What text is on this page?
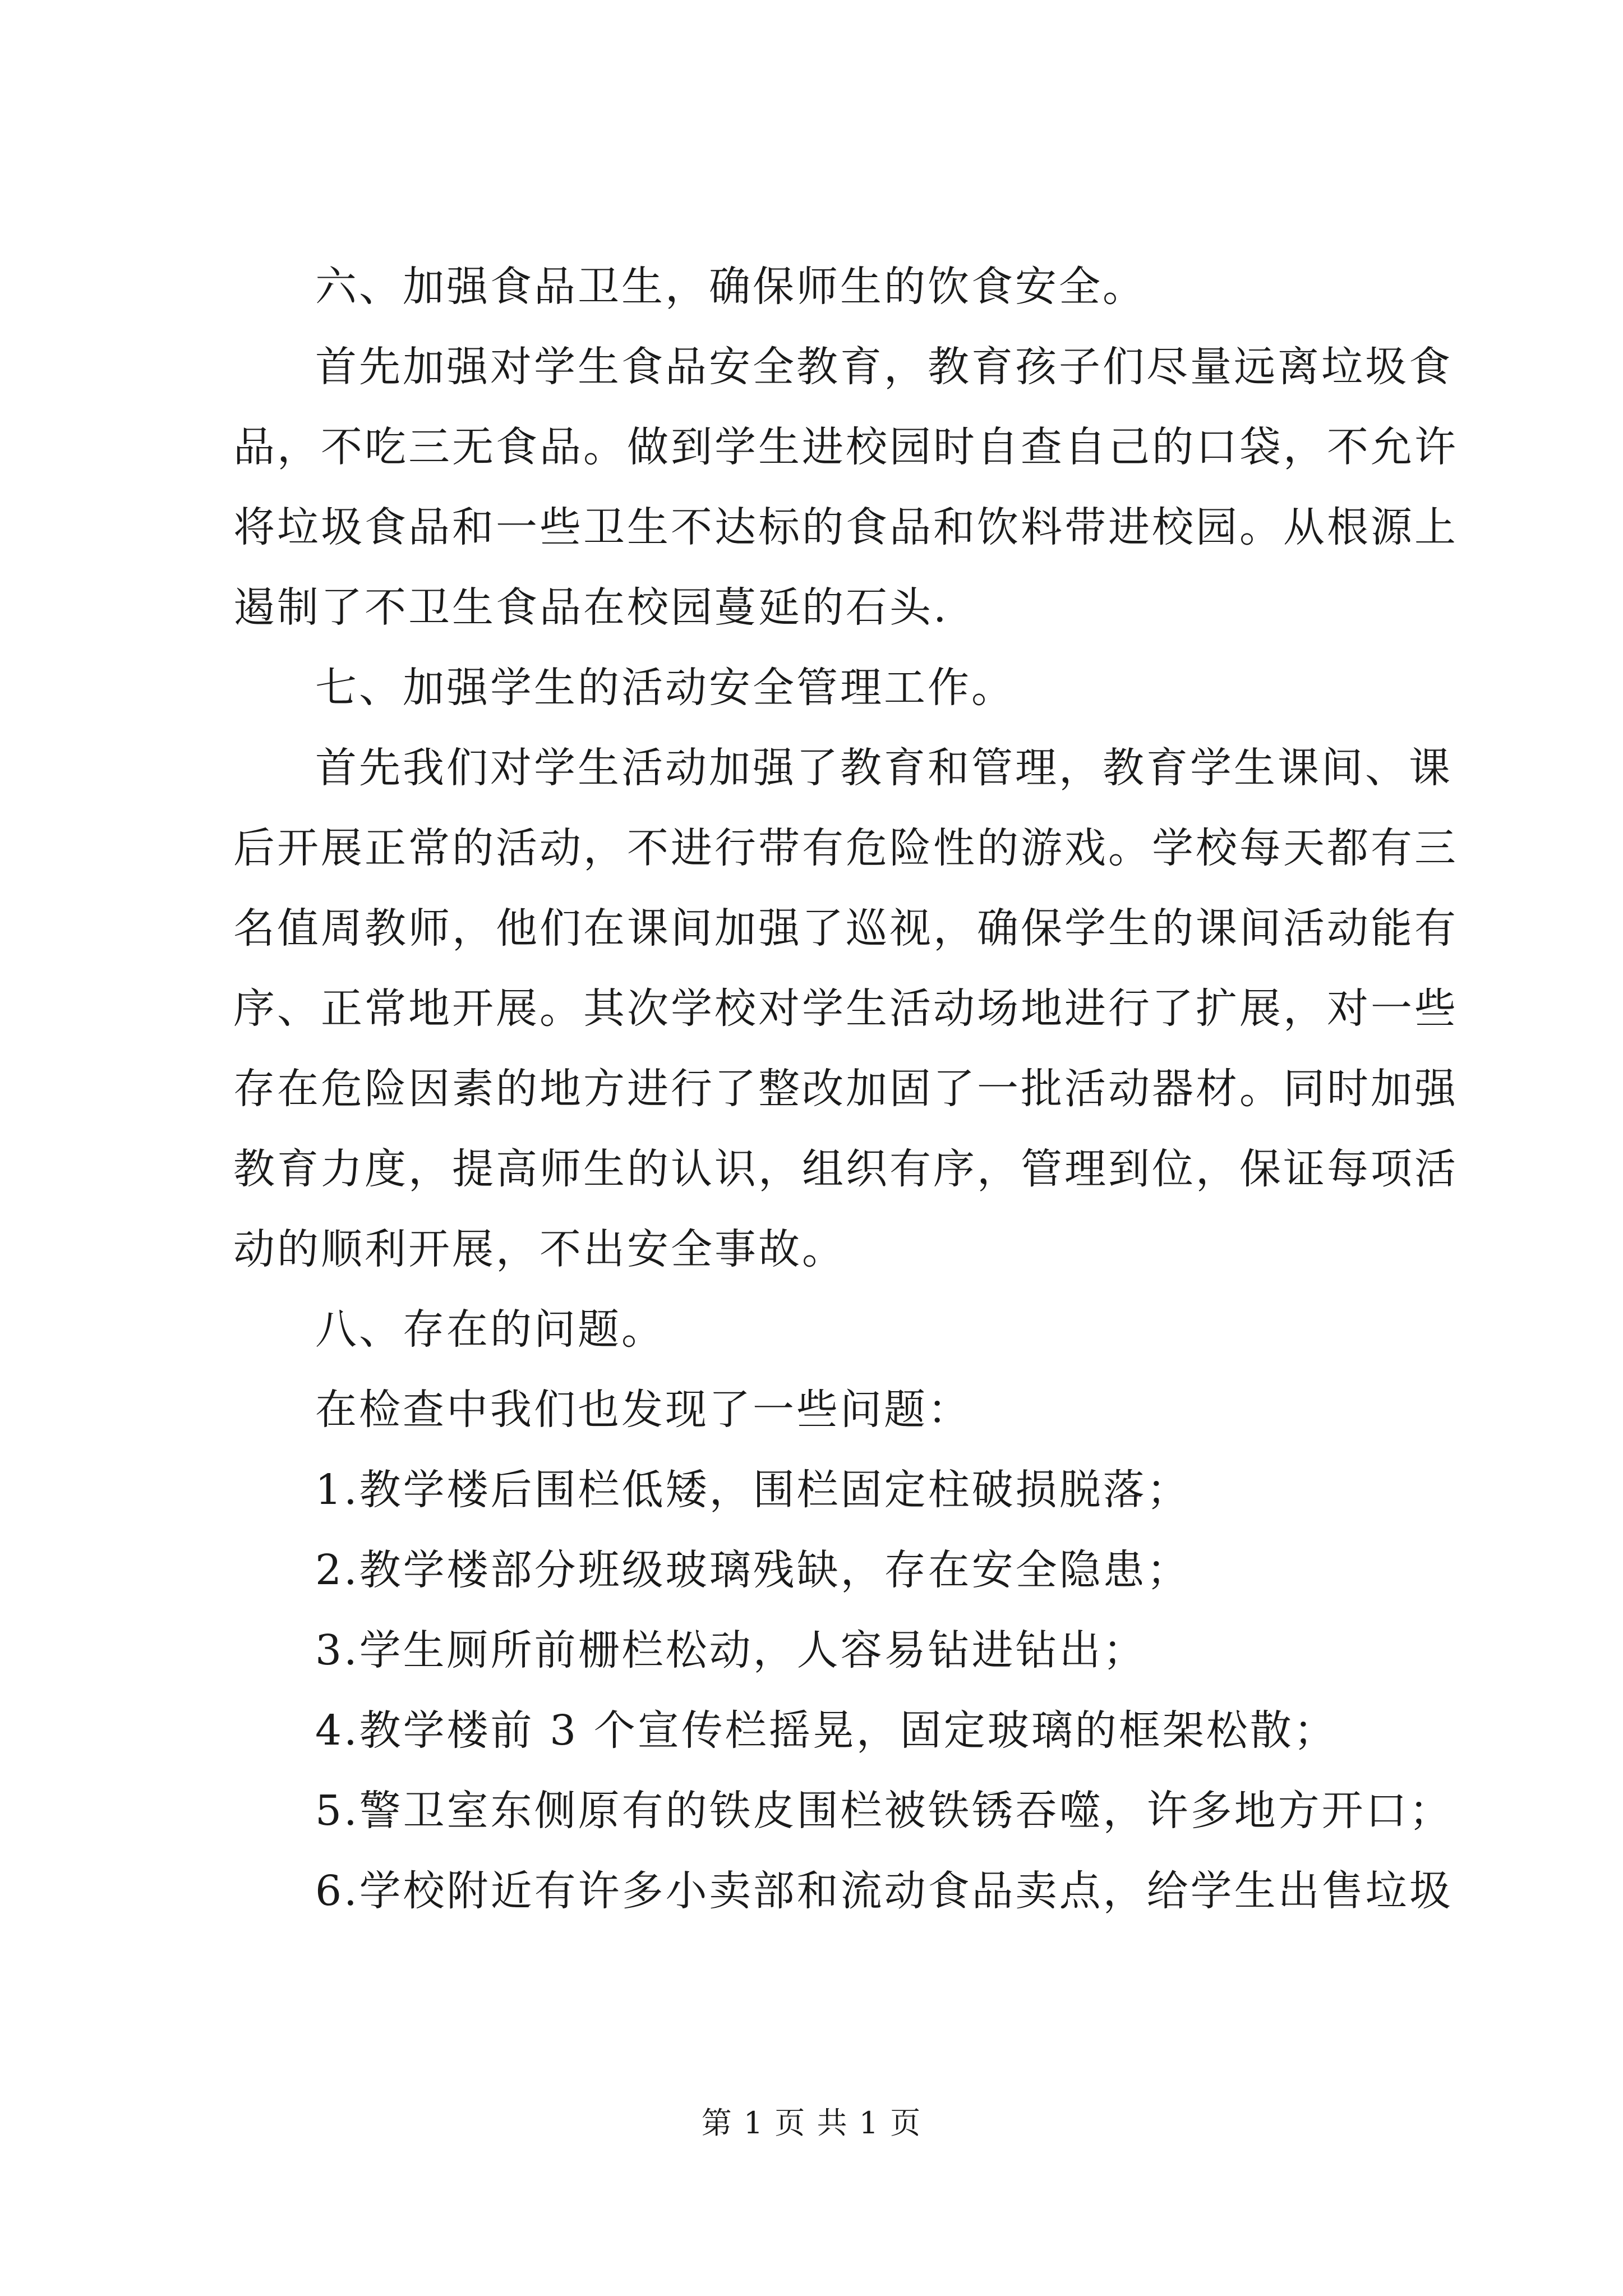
六、加强食品卫生，确保师生的饮食安全。
首先加强对学生食品安全教育，教育孩子们尽量远离垃圾食
品，不吃三无食品。做到学生进校园时自查自己的口袋，不允许
将垃圾食品和一些卫生不达标的食品和饮料带进校园。从根源上
遏制了不卫生食品在校园蔓延的石头.
七、加强学生的活动安全管理工作。
首先我们对学生活动加强了教育和管理，教育学生课间、课
后开展正常的活动，不进行带有危险性的游戏。学校每天都有三
名值周教师，他们在课间加强了巡视，确保学生的课间活动能有
序、正常地开展。其次学校对学生活动场地进行了扩展，对一些
存在危险因素的地方进行了整改加固了一批活动器材。同时加强
教育力度，提高师生的认识，组织有序，管理到位，保证每项活
动的顺利开展，不出安全事故。
八、存在的问题。
在检查中我们也发现了一些问题：
1.教学楼后围栏低矮，围栏固定柱破损脱落；
2.教学楼部分班级玻璃残缺，存在安全隐患；
3.学生厕所前栅栏松动，人容易钻进钻出；
4.教学楼前 3 个宣传栏摇晃，固定玻璃的框架松散；
5.警卫室东侧原有的铁皮围栏被铁锈吞噬，许多地方开口；
6.学校附近有许多小卖部和流动食品卖点，给学生出售垃圾
第 1 页 共 1 页
